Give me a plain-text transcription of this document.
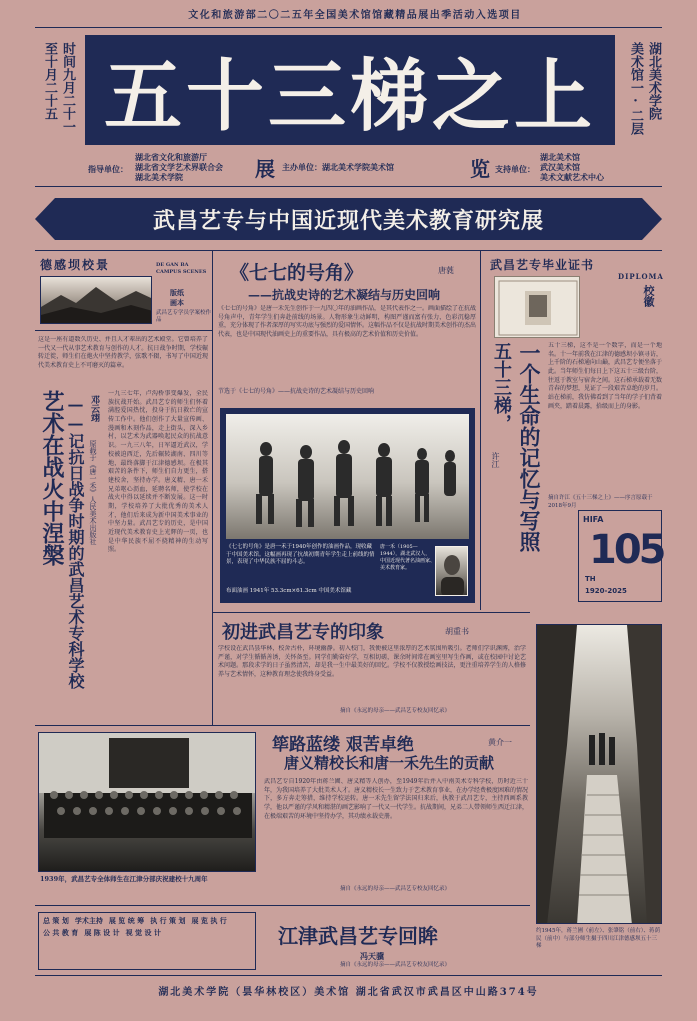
文化和旅游部二〇二五年全国美术馆馆藏精品展出季活动入选项目
至十月二十五 时间九月二十一	美术馆一·二层 湖北美术学院
五十三梯之上
展	览
指导单位：
湖北省文化和旅游厅
湖北省文学艺术界联合会
湖北美术学院
主办单位：湖北美术学院美术馆	支持单位：
湖北美术馆
武汉美术馆
美术文献艺术中心
武昌艺专与中国近现代美术教育研究展
德感坝校景	DE GAN BA CAMPUS SCENES
版纸
画本
武昌艺专学员学案校作品
这是一座有道数久历史、并且人才辈出的艺术殿堂。它曾培养了一代又一代从事艺术教育与创作的人才。抗日战争时期，学校辗转迁徙，师生们在炮火中坚持教学，弦歌不辍，书写了中国近现代美术教育史上不可磨灭的篇章。
艺术在战火中涅槃 ——记抗日战争时期的武昌艺术专科学校 邓云翊
原载于《唐一禾》人民美术出版社
一九三七年，卢沟桥事变爆发，全民族抗战开始。武昌艺专的师生们怀着满腔爱国热忱，投身于抗日救亡的宣传工作中。他们创作了大量宣传画、漫画和木刻作品，走上街头，深入乡村，以艺术为武器唤起民众的抗战意识。一九三八年，日军逼近武汉，学校被迫西迁，先后辗转湖南、四川等地，最终落脚于江津德感坝。在极其艰苦的条件下，师生们自力更生，搭建校舍，坚持办学。唐义精、唐一禾兄弟呕心沥血，延聘名师，使学校在战火中得以延续并不断发展。这一时期，学校培养了大批优秀的美术人才，他们后来成为新中国美术事业的中坚力量。武昌艺专的历史，是中国近现代美术教育史上光辉的一页，也是中华民族不屈不挠精神的生动写照。
《七七的号角》	唐蕤
——抗战史诗的艺术凝结与历史回响
《七七的号角》是唐一禾先生创作于一九四〇年的油画作品，是其代表作之一。画面描绘了在抗战号角声中，青年学生们奔赴前线的场景。人物形象生动鲜明，构图严谨而富有张力，色彩沉稳厚重，充分体现了作者深厚的写实功底与强烈的爱国情怀。这幅作品不仅是抗战时期美术创作的杰出代表，也是中国现代油画史上的重要作品，具有极高的艺术价值和历史价值。
节选于《七七的号角》——抗战史诗的艺术凝结与历史回响
《七七的号角》是唐一禾于1940年创作的油画作品，现收藏于中国美术馆。这幅画再现了抗战初期青年学生走上前线的情景，表现了中华民族不屈的斗志。
布面油画 1941年 53.3cm×61.3cm 中国美术馆藏
唐一禾（1905—1944），湖北武汉人，中国近现代著名油画家、美术教育家。
初进武昌艺专的印象	胡重书
学校设在武昌昙华林，校舍古朴，环境幽静。初入校门，我便被这里浓厚的艺术氛围所吸引。老师们学识渊博，治学严谨，对学生循循善诱，关怀备至。同学们勤奋好学，互相切磋，课余时间常在画室里写生作画，或在校园中讨论艺术问题。那段求学的日子虽然清苦，却是我一生中最美好的回忆。学校不仅教授绘画技法，更注重培养学生的人格修养与艺术情怀，这种教育理念使我终身受益。
摘自《永远的母亲——武昌艺专校友回忆录》
1939年，武昌艺专全体师生在江津分部庆祝建校十九周年
筚路蓝缕 艰苦卓绝	黄介一
唐义精校长和唐一禾先生的贡献
武昌艺专自1920年由蒋兰圃、唐义精等人创办，至1949年后并入中南美术专科学校，历时近三十年，为我国培养了大批美术人才。唐义精校长一生致力于艺术教育事业，在办学经费极度困难的情况下，多方奔走筹措，维持学校运转。唐一禾先生留学法国归来后，执教于武昌艺专，主持西画系教学，他以严谨的学风和精湛的画艺影响了一代又一代学生。抗战期间，兄弟二人带领师生西迁江津，在极端艰苦的环境中坚持办学，其功绩永载史册。
摘自《永远的母亲——武昌艺专校友回忆录》
总 策 划 学术主持 展 览 统 筹 执 行 策 划 展 览 执 行
公 共 教 育 展 陈 设 计 视 觉 设 计	江津武昌艺专回眸
冯天骥
摘自《永远的母亲——武昌艺专校友回忆录》
武昌艺专毕业证书
DIPLOMA
校徽
五十三梯， 一个生命的记忆与写照
许江
五十三梯，这不是一个数字，而是一个地名。十一年前我在江津的德感坝小镇寻访，上千阶的石梯通向山巅，武昌艺专便坐落于此。当年师生们每日上下这五十三级台阶，往返于教室与宿舍之间。这石梯承载着无数青春的梦想，见证了一段艰苦卓绝的岁月。站在梯前，我仿佛看到了当年的学子们背着画夹，踏着晨露，拾级而上的身影。
摘自许江《五十三梯之上》——序言原载于2018年9月
HIFA
105
TH
1920-2025
约1945年，蒋兰圃（前左）、张肇铭（前右）、蒋荫民（前中）与部分师生摄于四川江津德感坝五十三梯
湖北美术学院（昙华林校区）美术馆 湖北省武汉市武昌区中山路374号
